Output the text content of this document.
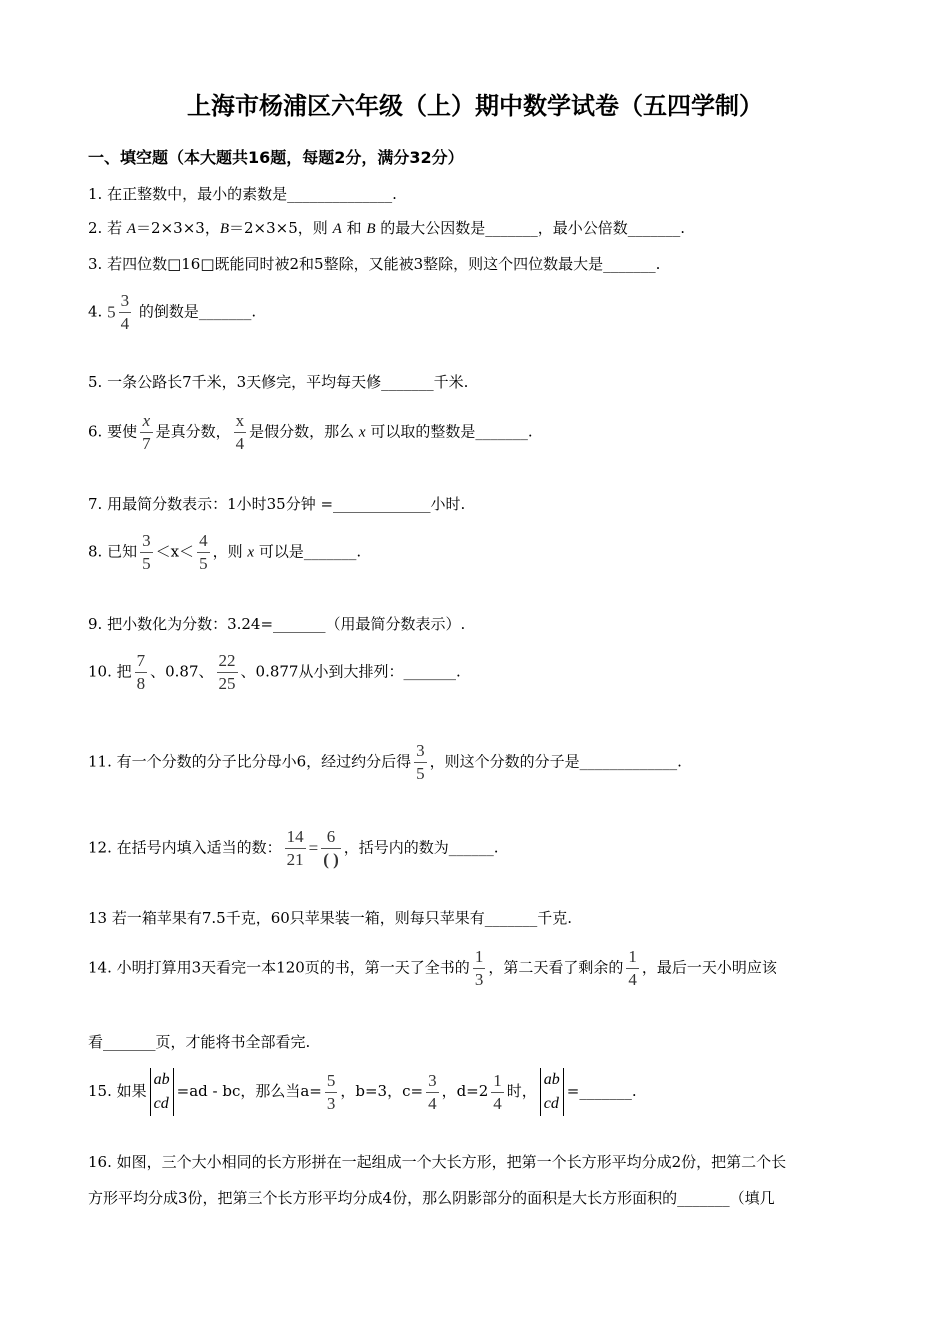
上海市杨浦区六年级（上）期中数学试卷（五四学制）
一、填空题（本大题共16题，每题2分，满分32分）
1. 在正整数中，最小的素数是______________.
2. 若 A＝2×3×3，B＝2×3×5，则 A 和 B 的最大公因数是_______，最小公倍数_______.
3. 若四位数□16□既能同时被2和5整除，又能被3整除，则这个四位数最大是_______.
4. $5 \frac{3}{4}$ 的倒数是_______.
5. 一条公路长7千米，3天修完，平均每天修_______千米.
6. 要使 $\frac{x}{7}$ 是真分数， $\frac{x}{4}$ 是假分数，那么 x 可以取的整数是_______.
7. 用最简分数表示：1小时35分钟 =_____________小时.
8. 已知 $\frac{3}{5} <x< \frac{4}{5}$ ，则 x 可以是_______.
9. 把小数化为分数：3.24=_______（用最简分数表示）.
10. 把 $\frac{7}{8}$ 、0.87、 $\frac{22}{25}$ 、0.877从小到大排列：_______.
11. 有一个分数的分子比分母小6，经过约分后得 $\frac{3}{5}$ ，则这个分数的分子是_____________.
12. 在括号内填入适当的数： $\frac{14}{21} = \frac{6}{( )}$ ，括号内的数为______.
13 若一箱苹果有7.5千克，60只苹果装一箱，则每只苹果有_______千克.
14. 小明打算用3天看完一本120页的书，第一天了全书的 $\frac{1}{3}$ ，第二天看了剩余的 $\frac{1}{4}$ ，最后一天小明应该
看_______页，才能将书全部看完.
15. 如果
ab
cd
=ad - bc，那么当$a= \frac{5}{3}$ ，b=3，$c= \frac{3}{4}$ ，$d=2 \frac{1}{4}$ 时，
ab
cd
=_______.
16. 如图，三个大小相同的长方形拼在一起组成一个大长方形，把第一个长方形平均分成2份，把第二个长
方形平均分成3份，把第三个长方形平均分成4份，那么阴影部分的面积是大长方形面积的_______（填几
